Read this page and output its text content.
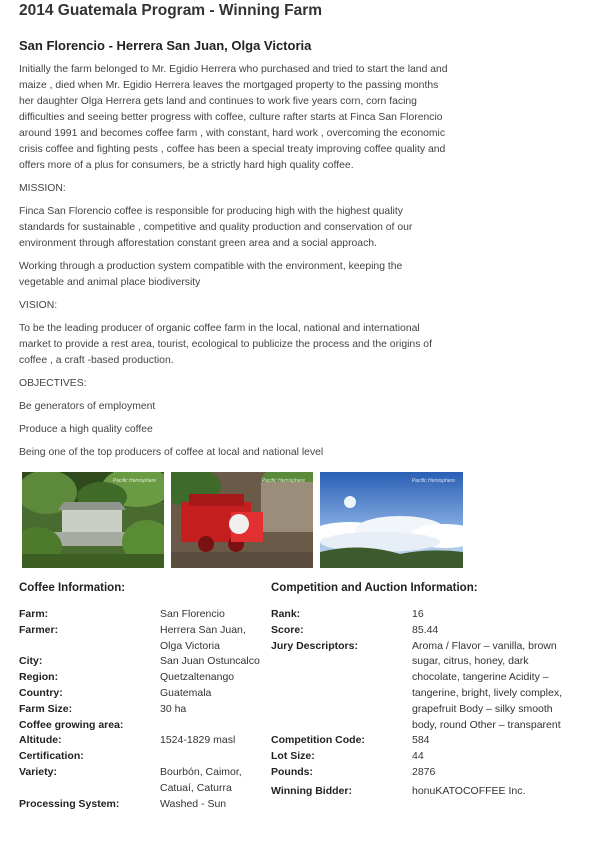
2014 Guatemala Program - Winning Farm
San Florencio - Herrera San Juan, Olga Victoria

Initially the farm belonged to Mr. Egidio Herrera who purchased and tried to start the land and maize , died when Mr. Egidio Herrera leaves the mortgaged property to the passing months her daughter Olga Herrera gets land and continues to work five years corn, corn facing difficulties and seeing better progress with coffee, culture rafter starts at Finca San Florencio around 1991 and becomes coffee farm , with constant, hard work , overcoming the economic crisis coffee and fighting pests , coffee has been a special treaty improving coffee quality and offers more of a plus for consumers, be a strictly hard high quality coffee.

MISSION:

Finca San Florencio coffee is responsible for producing high with the highest quality standards for sustainable , competitive and quality production and conservation of our environment through afforestation constant green area and a social approach.

Working through a production system compatible with the environment, keeping the vegetable and animal place biodiversity

VISION:

To be the leading producer of organic coffee farm in the local, national and international market to provide a rest area, tourist, ecological to publicize the process and the origins of coffee , a craft -based production.

OBJECTIVES:

Be generators of employment

Produce a high quality coffee

Being one of the top producers of coffee at local and national level

Pacific Hemisphere	Pacific Hemisphere	Pacific Hemisphere
Coffee Information:
Farm:	San Florencio
Farmer:	Herrera San Juan, Olga Victoria
City:	San Juan Ostuncalco
Region:	Quetzaltenango
Country:	Guatemala
Farm Size:	30 ha
Coffee growing area:	
Altitude:	1524-1829 masl
Certification:	
Variety:	Bourbón, Caimor, Catuaí, Caturra
Processing System:	Washed - Sun
Competition and Auction Information:
Rank:	16
Score:	85.44
Jury Descriptors:	Aroma / Flavor – vanilla, brown sugar, citrus, honey, dark chocolate, tangerine Acidity – tangerine, bright, lively complex, grapefruit Body – silky smooth body, round Other – transparent
Competition Code:	584
Lot Size:	44
Pounds:	2876
Winning Bidder:	honuKATOCOFFEE Inc.
